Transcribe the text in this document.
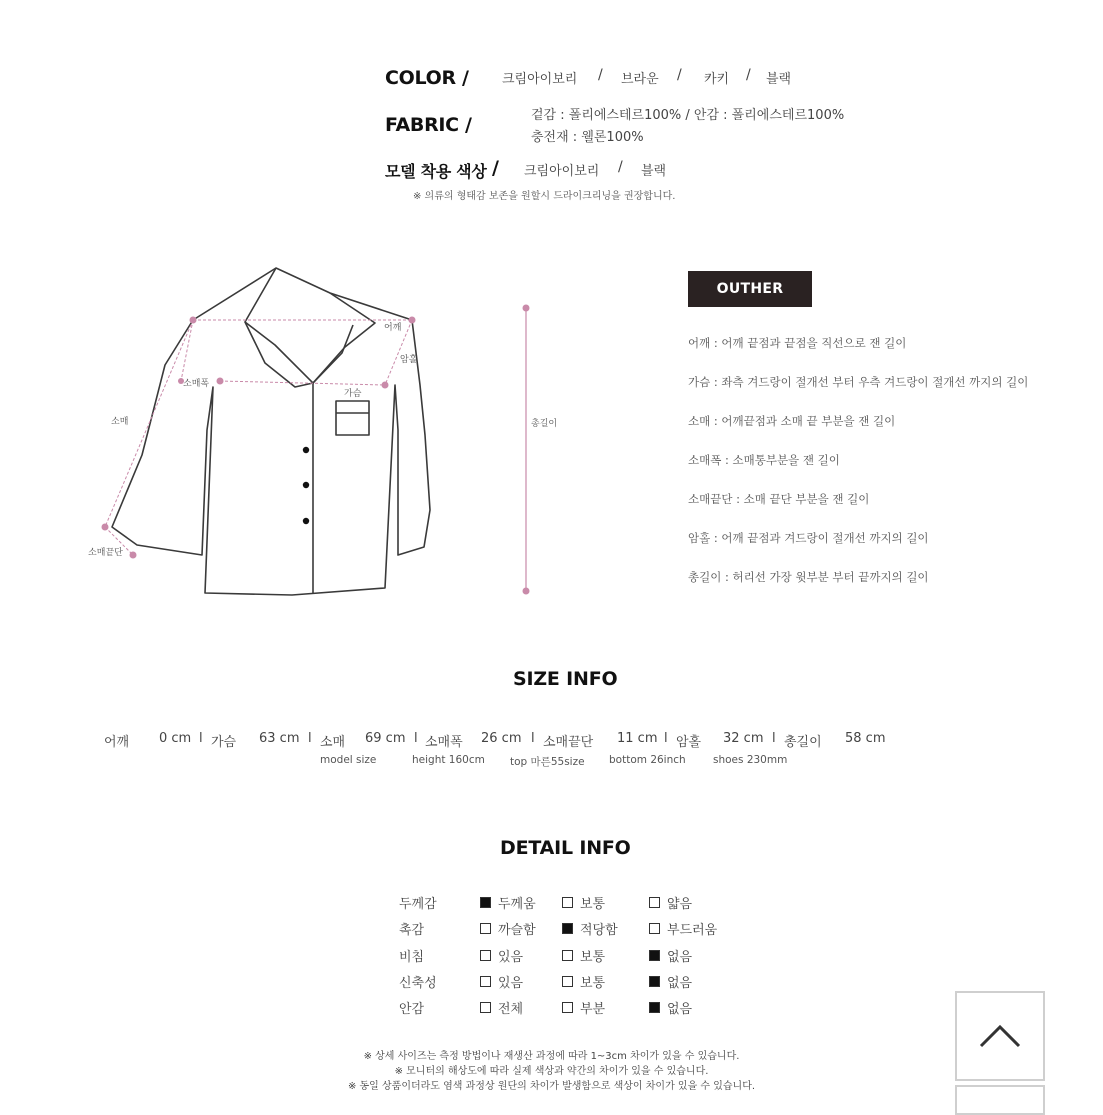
COLOR /	크림아이보리 / 브라운 / 카키 / 블랙
FABRIC /	겉감 : 폴리에스테르100% / 안감 : 폴리에스테르100%
충전재 : 웰론100%
모델 착용 색상 / 크림아이보리 / 블랙
※ 의류의 형태감 보존을 원할시 드라이크리닝을 권장합니다.
어깨
암홀
소매폭
가슴
소매	총길이
소매끝단
OUTHER
어깨 : 어깨 끝점과 끝점을 직선으로 잰 길이
가슴 : 좌측 겨드랑이 절개선 부터 우측 겨드랑이 절개선 까지의 길이
소매 : 어깨끝점과 소매 끝 부분을 잰 길이
소매폭 : 소매통부분을 잰 길이
소매끝단 : 소매 끝단 부분을 잰 길이
암홀 : 어깨 끝점과 겨드랑이 절개선 까지의 길이
총길이 : 허리선 가장 윗부분 부터 끝까지의 길이
SIZE INFO
어깨 0 cm l 가슴 63 cm l 소매 69 cm l 소매폭 26 cm l 소매끝단 11 cm l 암홀 32 cm l 총길이 58 cm
model size	height 160cm top 마른55size bottom 26inch	shoes 230mm
DETAIL INFO
두께감	두께움	보통	얇음
촉감	까슬함	적당함	부드러움
비침	있음	보통	없음
신축성	있음	보통	없음
안감	전체	부분	없음
※ 상세 사이즈는 측정 방법이나 재생산 과정에 따라 1~3cm 차이가 있을 수 있습니다.
※ 모니터의 해상도에 따라 실제 색상과 약간의 차이가 있을 수 있습니다.
※ 동일 상품이더라도 염색 과정상 원단의 차이가 발생함으로 색상이 차이가 있을 수 있습니다.
